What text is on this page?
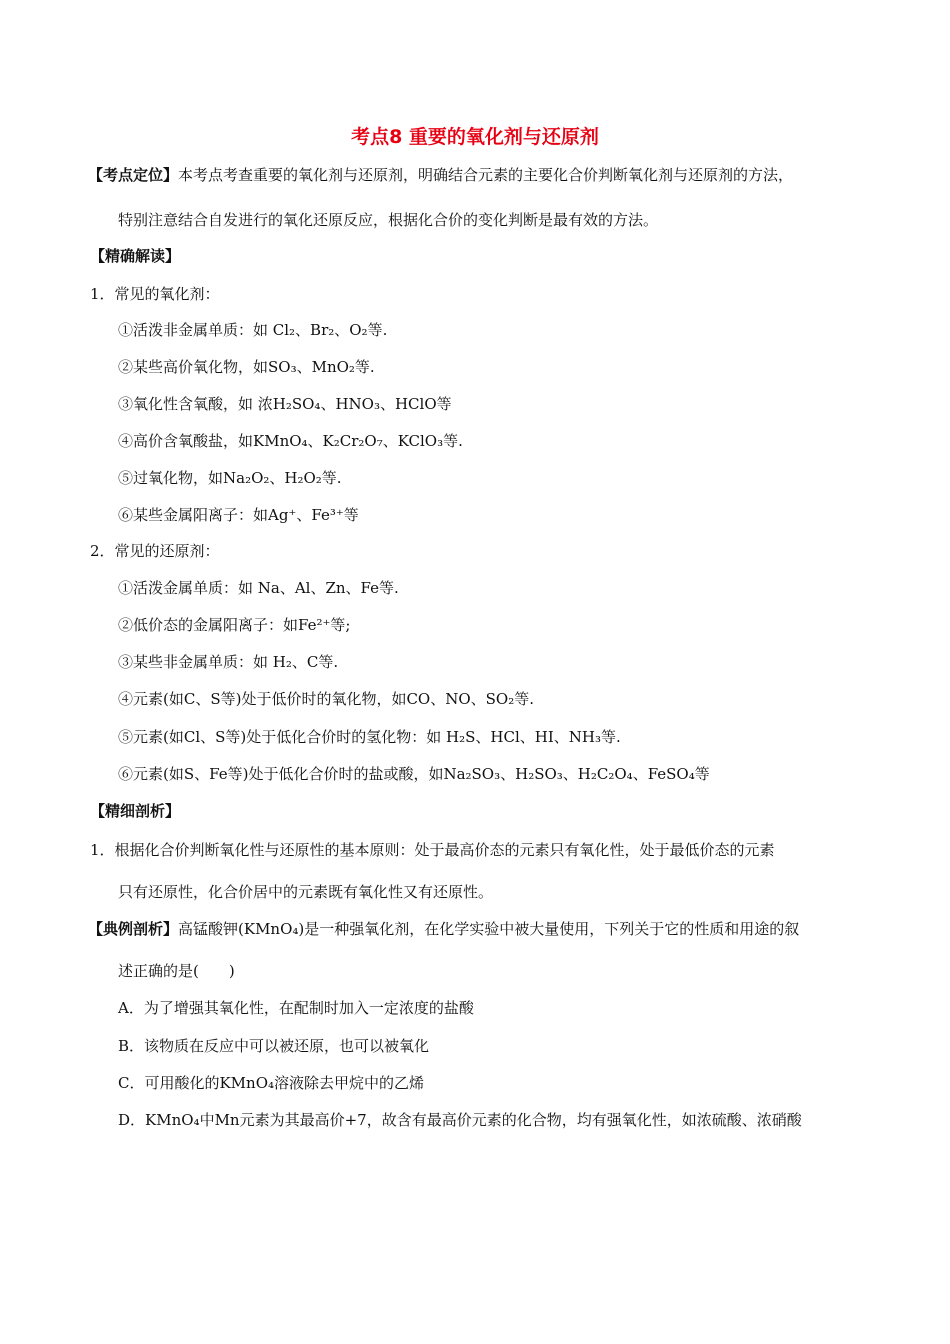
考点8 重要的氧化剂与还原剂
【考点定位】本考点考查重要的氧化剂与还原剂，明确结合元素的主要化合价判断氧化剂与还原剂的方法，
特别注意结合自发进行的氧化还原反应，根据化合价的变化判断是最有效的方法。
【精确解读】
1．常见的氧化剂：
①活泼非金属单质：如 Cl₂、Br₂、O₂等.
②某些高价氧化物，如SO₃、MnO₂等.
③氧化性含氧酸，如 浓H₂SO₄、HNO₃、HClO等
④高价含氧酸盐，如KMnO₄、K₂Cr₂O₇、KClO₃等.
⑤过氧化物，如Na₂O₂、H₂O₂等.
⑥某些金属阳离子：如Ag⁺、Fe³⁺等
2．常见的还原剂：
①活泼金属单质：如 Na、Al、Zn、Fe等.
②低价态的金属阳离子：如Fe²⁺等;
③某些非金属单质：如 H₂、C等.
④元素(如C、S等)处于低价时的氧化物，如CO、NO、SO₂等.
⑤元素(如Cl、S等)处于低化合价时的氢化物：如 H₂S、HCl、HI、NH₃等.
⑥元素(如S、Fe等)处于低化合价时的盐或酸，如Na₂SO₃、H₂SO₃、H₂C₂O₄、FeSO₄等
【精细剖析】
1．根据化合价判断氧化性与还原性的基本原则：处于最高价态的元素只有氧化性，处于最低价态的元素
只有还原性，化合价居中的元素既有氧化性又有还原性。
【典例剖析】高锰酸钾(KMnO₄)是一种强氧化剂，在化学实验中被大量使用，下列关于它的性质和用途的叙
述正确的是(　　)
A．为了增强其氧化性，在配制时加入一定浓度的盐酸
B．该物质在反应中可以被还原，也可以被氧化
C．可用酸化的KMnO₄溶液除去甲烷中的乙烯
D．KMnO₄中Mn元素为其最高价+7，故含有最高价元素的化合物，均有强氧化性，如浓硫酸、浓硝酸
